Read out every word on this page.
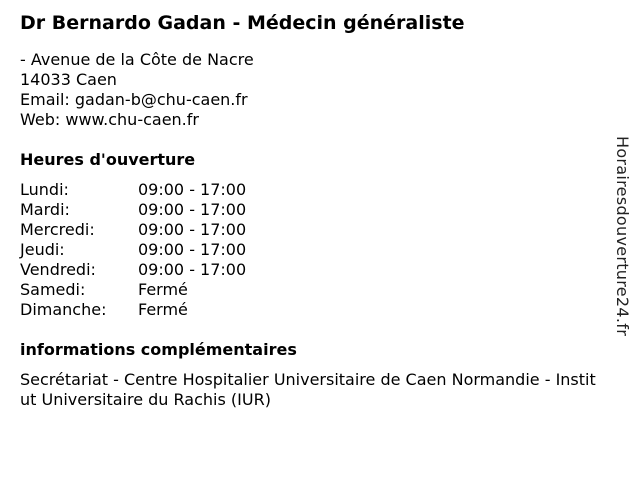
Dr Bernardo Gadan - Médecin généraliste
- Avenue de la Côte de Nacre
14033 Caen
Email: gadan-b@chu-caen.fr
Web: www.chu-caen.fr
Heures d'ouverture
Lundi:	09:00 - 17:00
Mardi:	09:00 - 17:00
Mercredi:	09:00 - 17:00
Jeudi:	09:00 - 17:00
Vendredi:	09:00 - 17:00
Samedi:	Fermé
Dimanche: Fermé
informations complémentaires
Secrétariat - Centre Hospitalier Universitaire de Caen Normandie - Institut Universitaire du Rachis (IUR)
Horairesdouverture24.fr
